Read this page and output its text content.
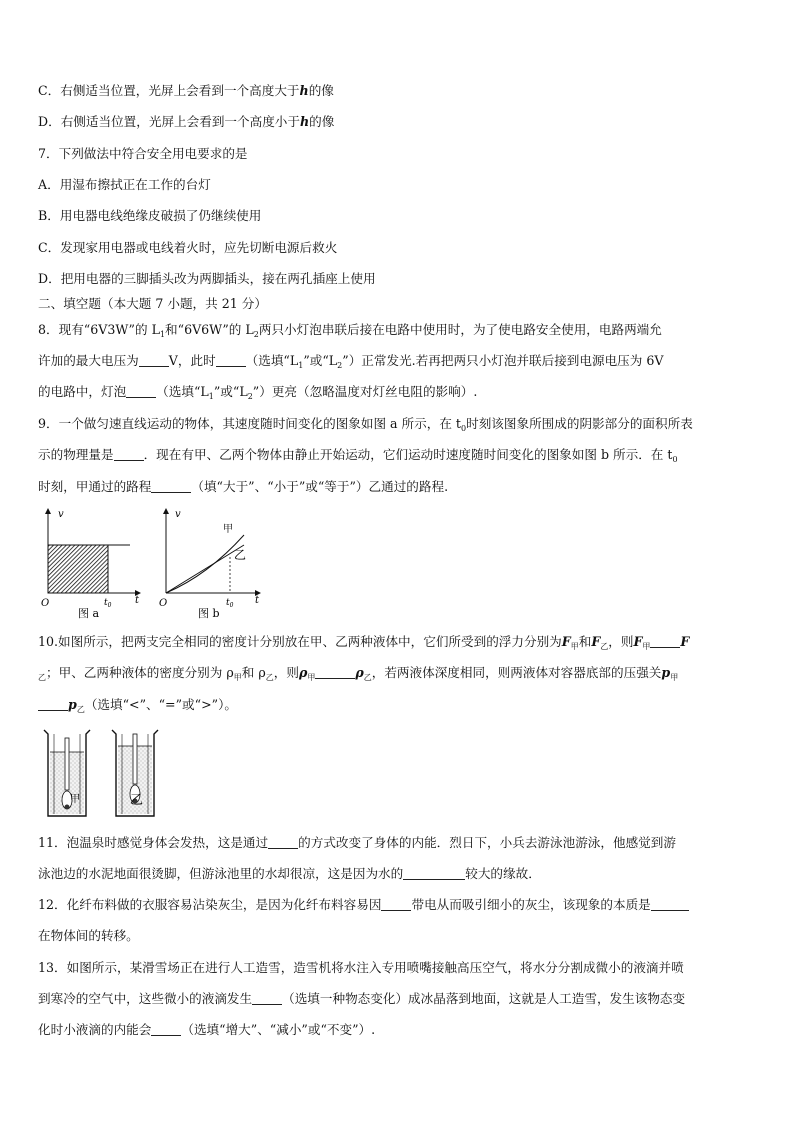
C．右侧适当位置，光屏上会看到一个高度大于h的像
D．右侧适当位置，光屏上会看到一个高度小于h的像
7．下列做法中符合安全用电要求的是
A．用湿布擦拭正在工作的台灯
B．用电器电线绝缘皮破损了仍继续使用
C．发现家用电器或电线着火时，应先切断电源后救火
D．把用电器的三脚插头改为两脚插头，接在两孔插座上使用
二、填空题（本大题 7 小题，共 21 分）
8．现有“6V3W”的 $L_1$和“6V6W”的 $L_2$两只小灯泡串联后接在电路中使用时，为了使电路安全使用，电路两端允
许加的最大电压为 V，此时 （选填“$L_1$”或“$L_2$”）正常发光.若再把两只小灯泡并联后接到电源电压为 6V
的电路中，灯泡 （选填“$L_1$”或“$L_2$”）更亮（忽略温度对灯丝电阻的影响）.
9．一个做匀速直线运动的物体，其速度随时间变化的图象如图 a 所示，在 $t_0$时刻该图象所围成的阴影部分的面积所表
示的物理量是 ．现在有甲、乙两个物体由静止开始运动，它们运动时速度随时间变化的图象如图 b 所示．在 $t_0$
时刻，甲通过的路程	（填“大于”、“小于”或“等于”）乙通过的路程.
v
O	$t_0$ t
图 a
v
O	$t_0$ t
甲
乙
图 b
10.如图所示，把两支完全相同的密度计分别放在甲、乙两种液体中，它们所受到的浮力分别为$F_甲$和$F_乙$，则$F_甲$ F
$_乙$；甲、乙两种液体的密度分别为 $\rho_甲$和 $\rho_乙$，则$\rho_甲$	$\rho_乙$，若两液体深度相同，则两液体对容器底部的压强关$p_甲$
$p_乙$（选填“<”、“=”或“>”）。
甲	乙
11．泡温泉时感觉身体会发热，这是通过 的方式改变了身体的内能．烈日下，小兵去游泳池游泳，他感觉到游
泳池边的水泥地面很烫脚，但游泳池里的水却很凉，这是因为水的	较大的缘故．
12．化纤布料做的衣服容易沾染灰尘，是因为化纤布料容易因 带电从而吸引细小的灰尘，该现象的本质是
在物体间的转移。
13．如图所示，某滑雪场正在进行人工造雪，造雪机将水注入专用喷嘴接触高压空气，将水分分割成微小的液滴并喷
到寒冷的空气中，这些微小的液滴发生 （选填一种物态变化）成冰晶落到地面，这就是人工造雪，发生该物态变
化时小液滴的内能会 （选填“增大”、“减小”或“不变”）.
